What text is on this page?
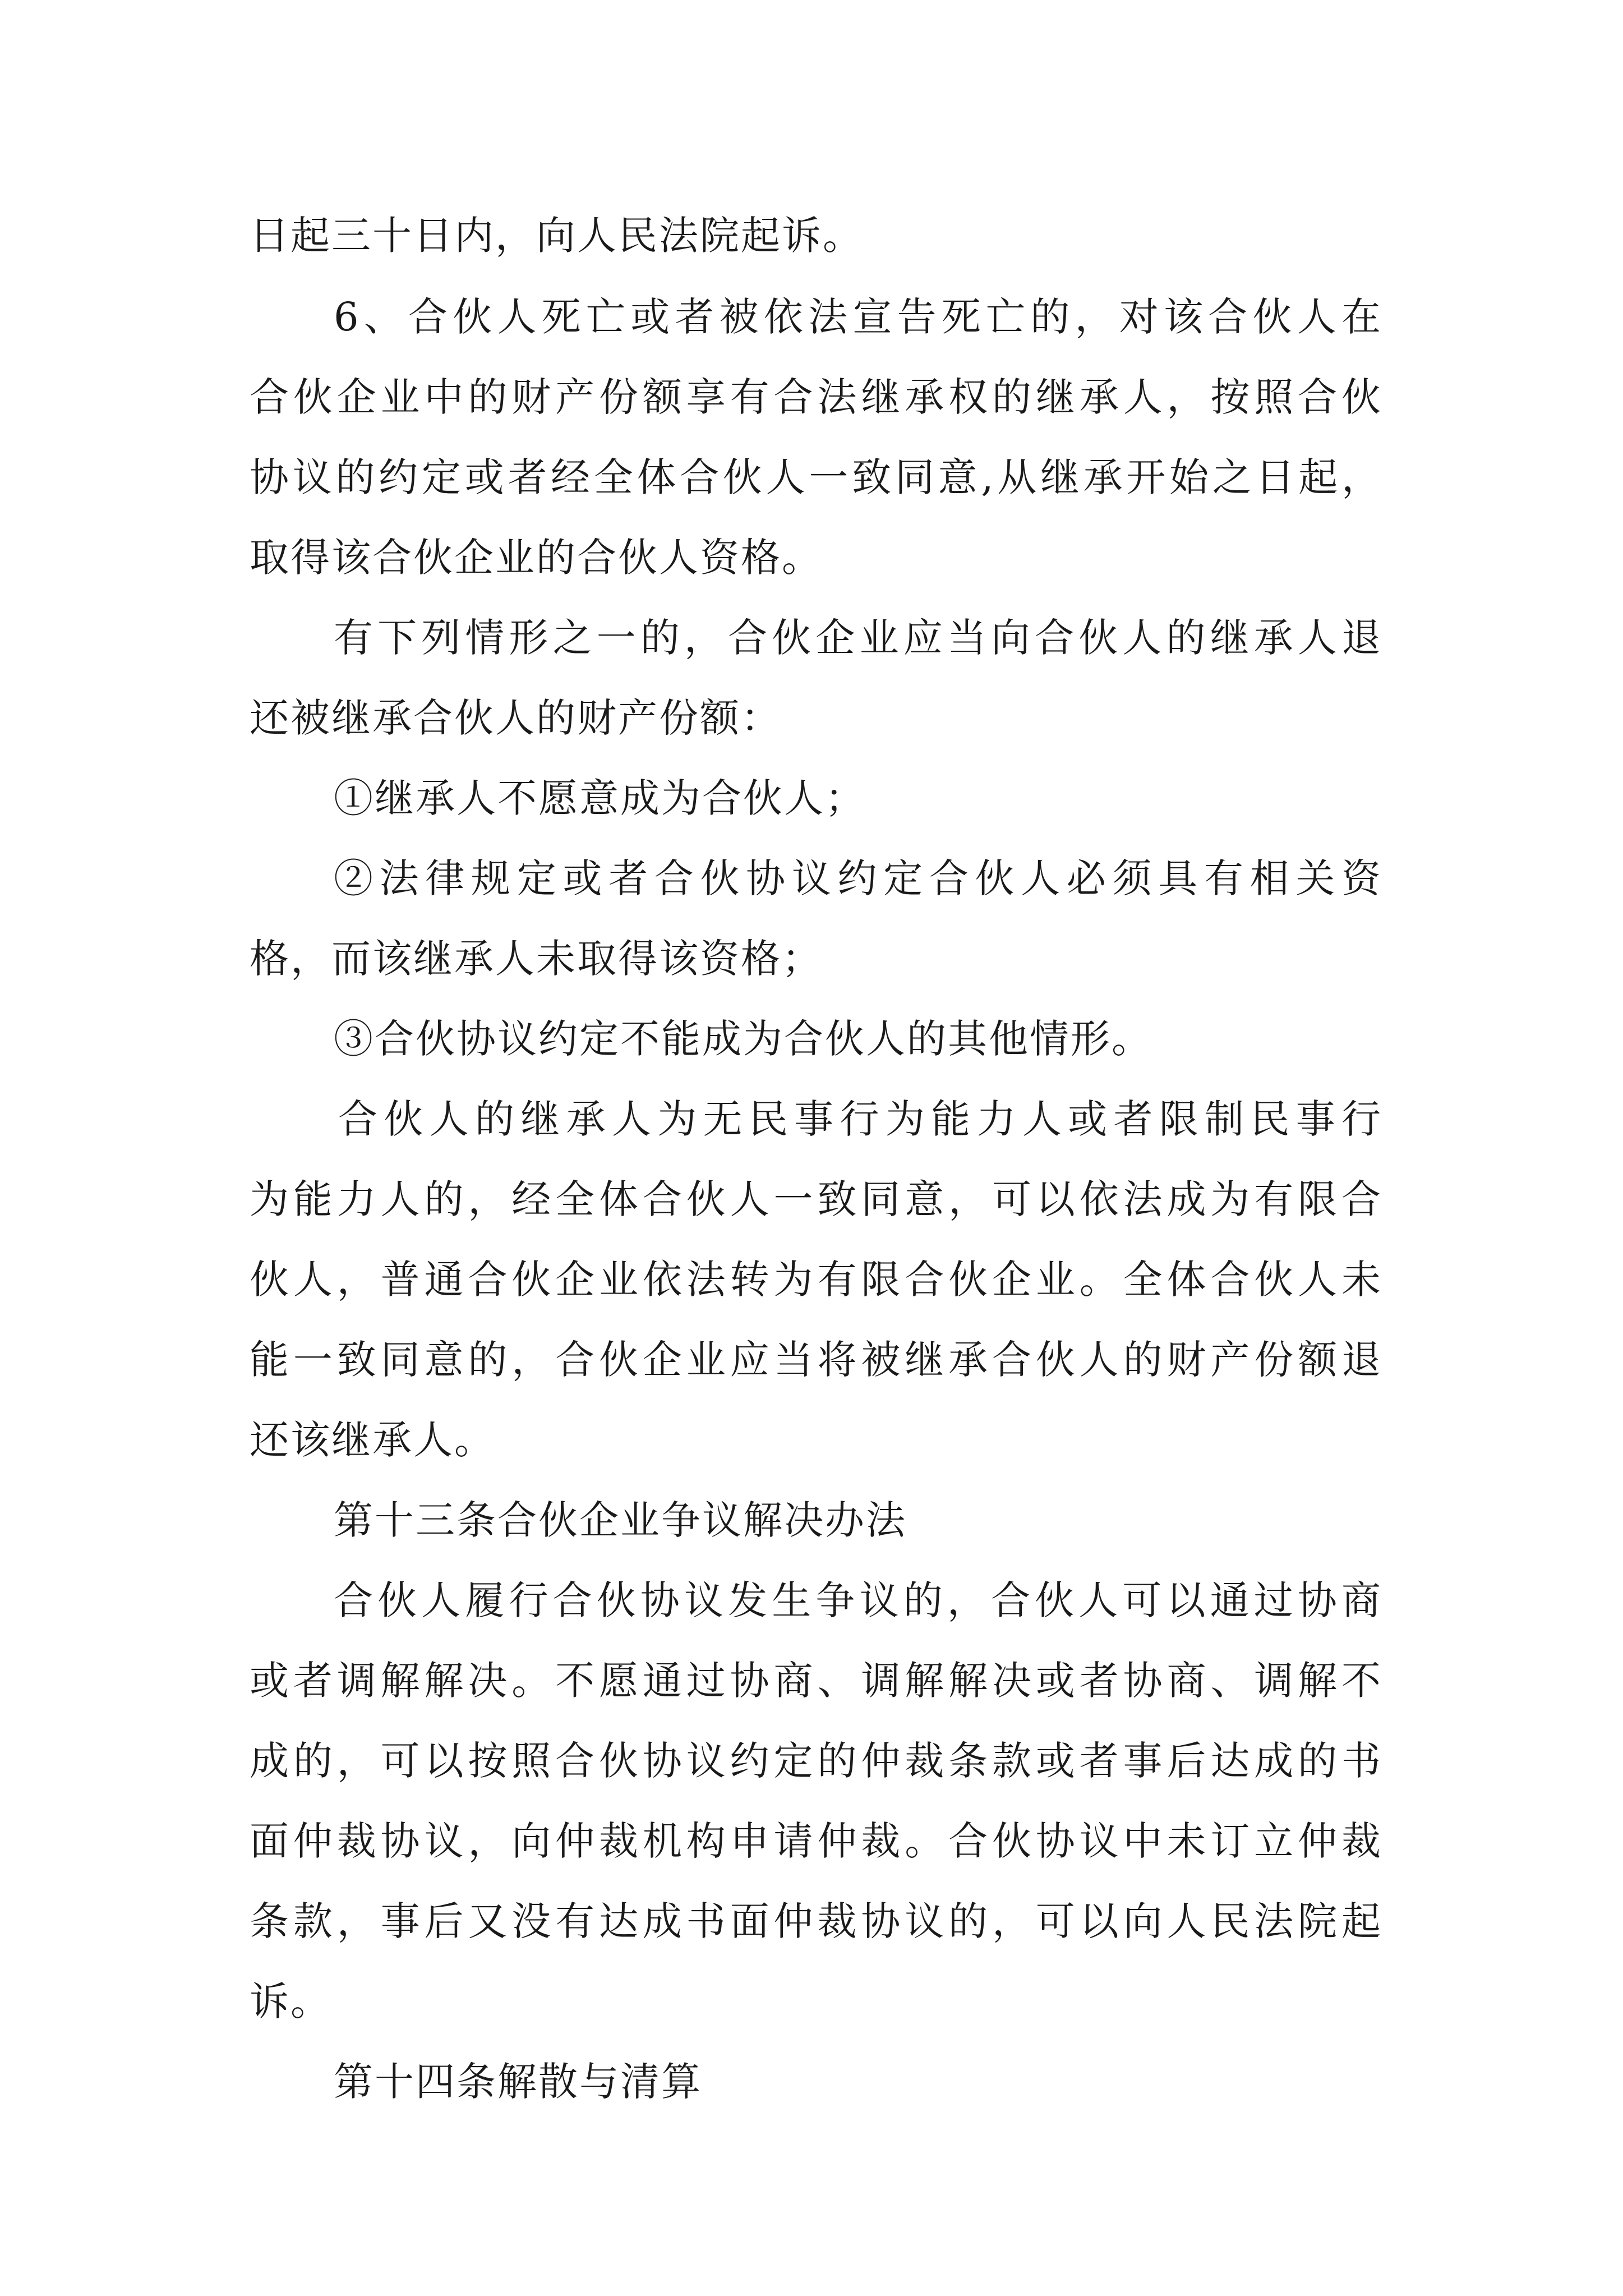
日起三十日内，向人民法院起诉。
6、合伙人死亡或者被依法宣告死亡的，对该合伙人在
合伙企业中的财产份额享有合法继承权的继承人，按照合伙
协议的约定或者经全体合伙人一致同意,从继承开始之日起，
取得该合伙企业的合伙人资格。
有下列情形之一的，合伙企业应当向合伙人的继承人退
还被继承合伙人的财产份额：
①继承人不愿意成为合伙人；
②法律规定或者合伙协议约定合伙人必须具有相关资
格，而该继承人未取得该资格；
③合伙协议约定不能成为合伙人的其他情形。
合伙人的继承人为无民事行为能力人或者限制民事行
为能力人的，经全体合伙人一致同意，可以依法成为有限合
伙人，普通合伙企业依法转为有限合伙企业。全体合伙人未
能一致同意的，合伙企业应当将被继承合伙人的财产份额退
还该继承人。
第十三条合伙企业争议解决办法
合伙人履行合伙协议发生争议的，合伙人可以通过协商
或者调解解决。不愿通过协商、调解解决或者协商、调解不
成的，可以按照合伙协议约定的仲裁条款或者事后达成的书
面仲裁协议，向仲裁机构申请仲裁。合伙协议中未订立仲裁
条款，事后又没有达成书面仲裁协议的，可以向人民法院起
诉。
第十四条解散与清算
